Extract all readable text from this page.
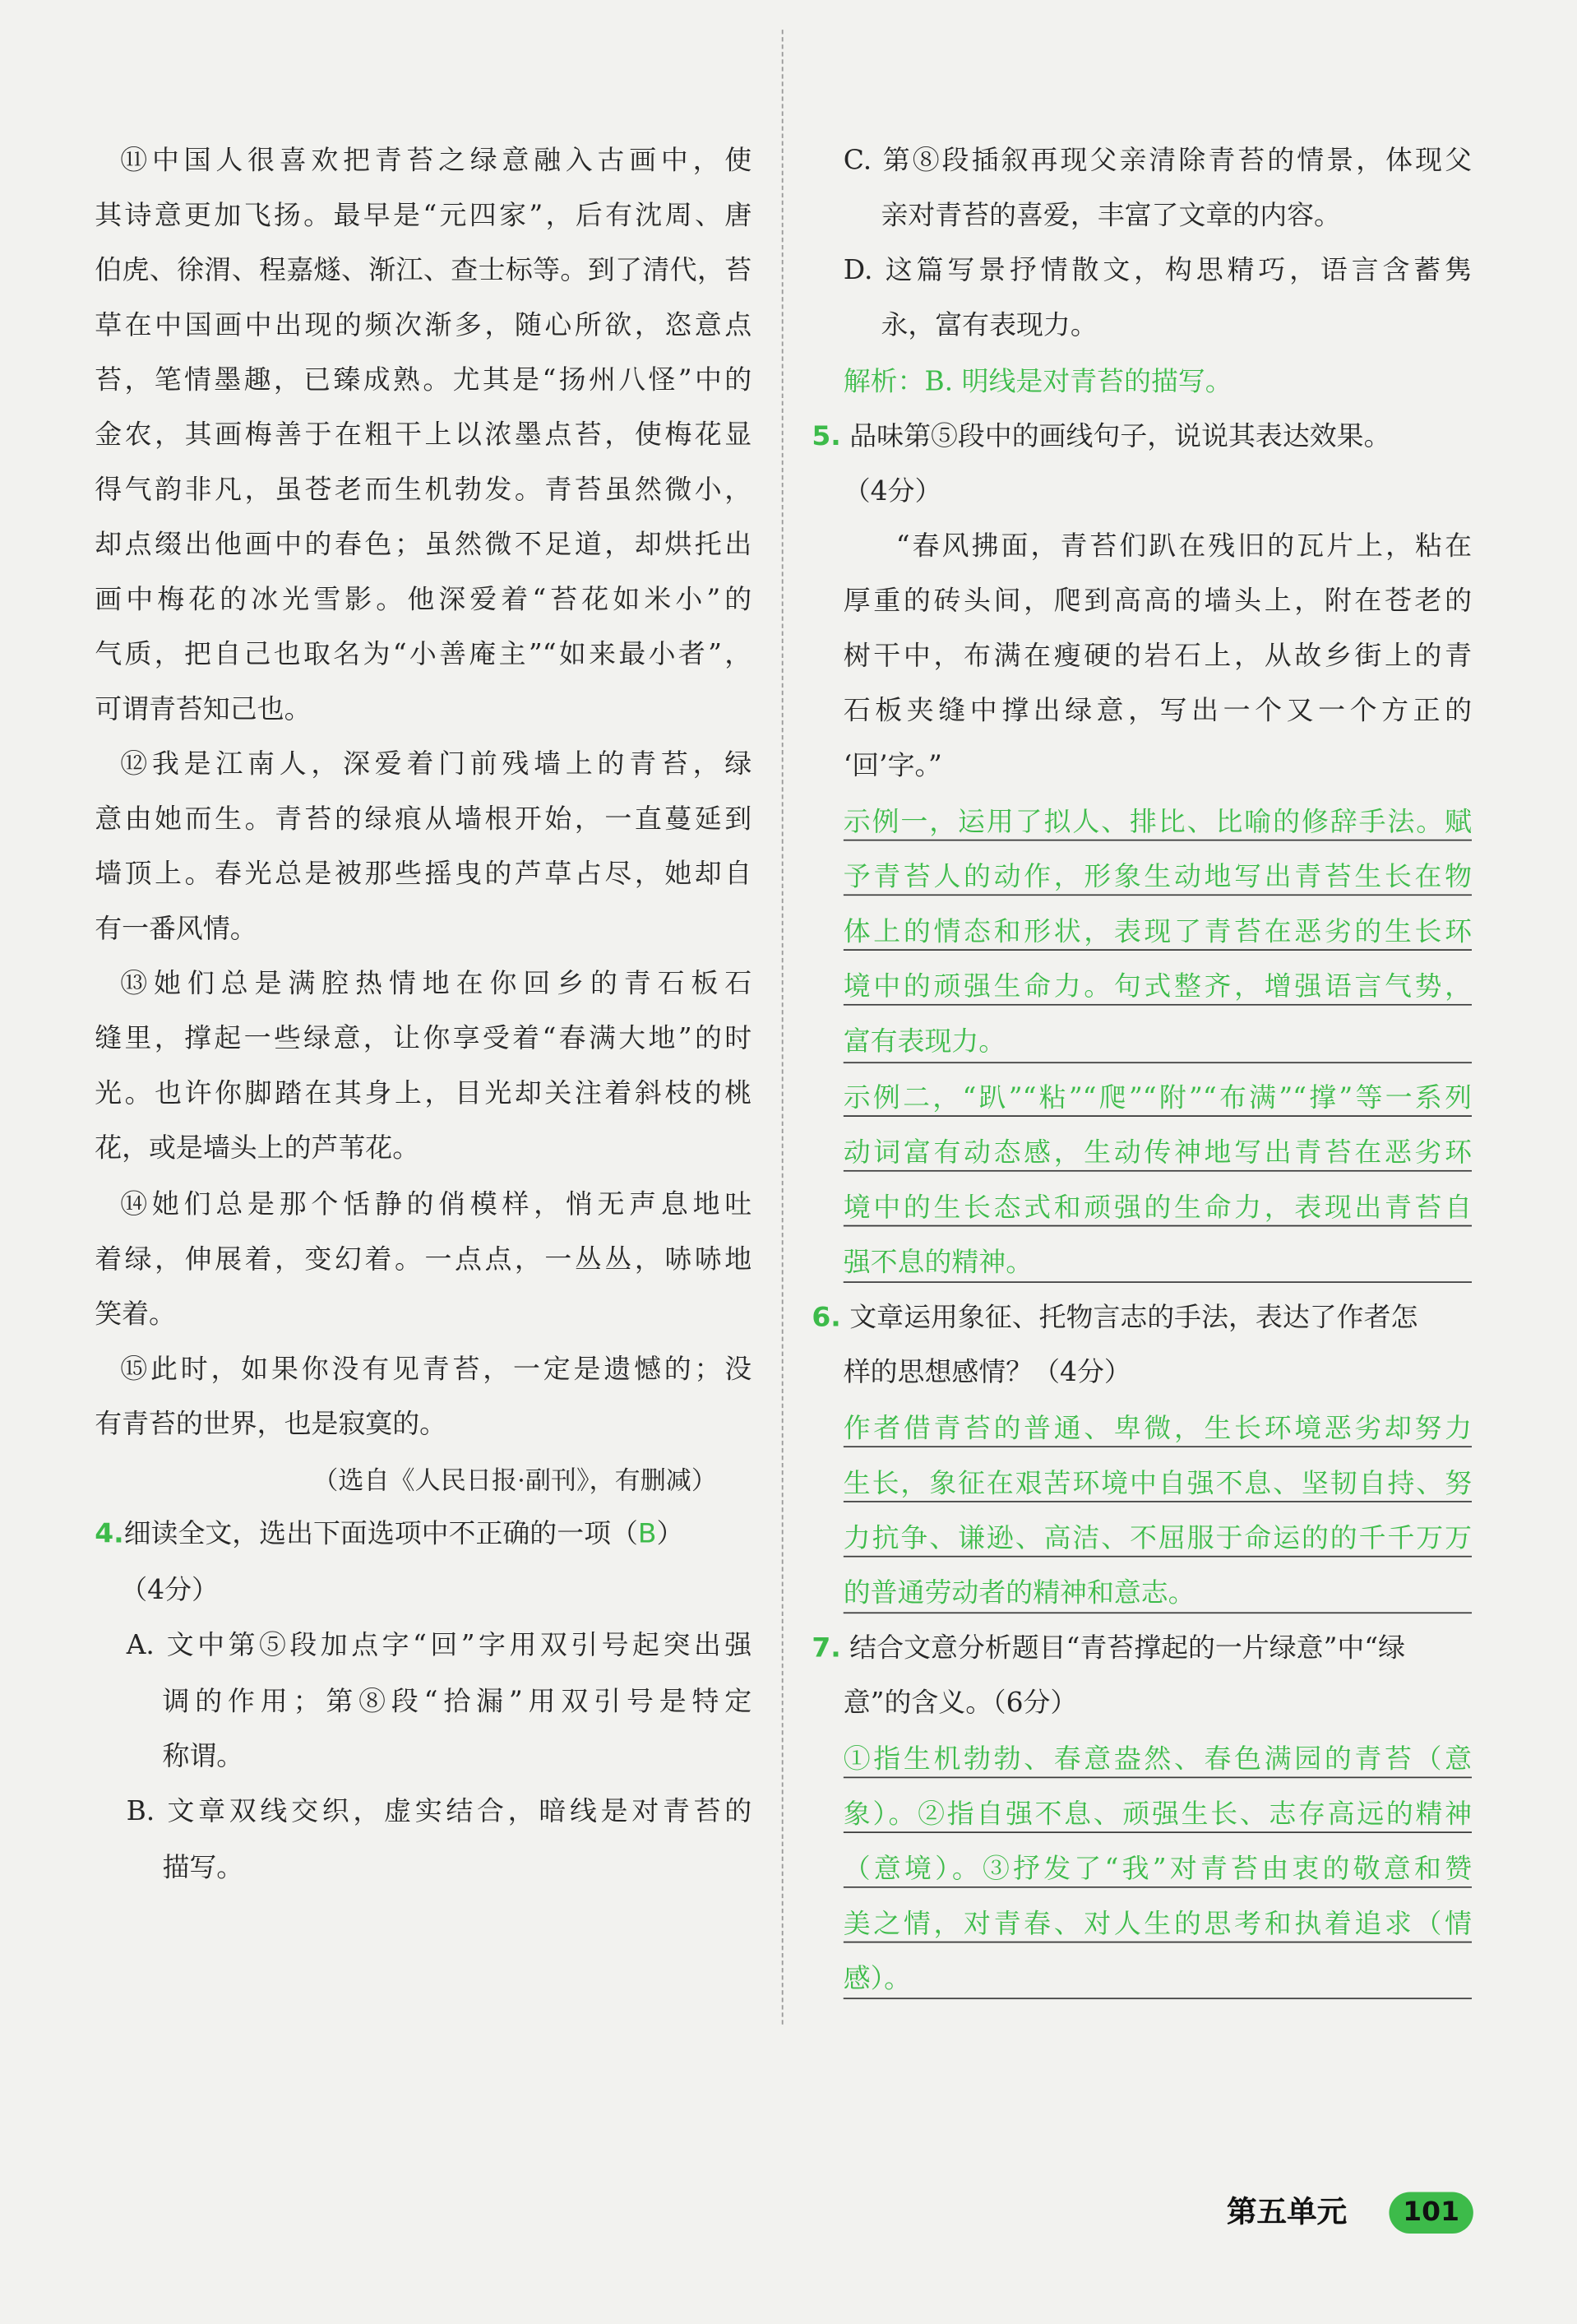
⑪中国人很喜欢把青苔之绿意融入古画中，使
其诗意更加飞扬。最早是“元四家”，后有沈周、唐
伯虎、徐渭、程嘉燧、渐江、查士标等。到了清代，苔
草在中国画中出现的频次渐多，随心所欲，恣意点
苔，笔情墨趣，已臻成熟。尤其是“扬州八怪”中的
金农，其画梅善于在粗干上以浓墨点苔，使梅花显
得气韵非凡，虽苍老而生机勃发。青苔虽然微小，
却点缀出他画中的春色；虽然微不足道，却烘托出
画中梅花的冰光雪影。他深爱着“苔花如米小”的
气质，把自己也取名为“小善庵主”“如来最小者”，
可谓青苔知己也。
⑫我是江南人，深爱着门前残墙上的青苔，绿
意由她而生。青苔的绿痕从墙根开始，一直蔓延到
墙顶上。春光总是被那些摇曳的芦草占尽，她却自
有一番风情。
⑬她们总是满腔热情地在你回乡的青石板石
缝里，撑起一些绿意，让你享受着“春满大地”的时
光。也许你脚踏在其身上，目光却关注着斜枝的桃
花，或是墙头上的芦苇花。
⑭她们总是那个恬静的俏模样，悄无声息地吐
着绿，伸展着，变幻着。一点点，一丛丛，哧哧地
笑着。
⑮此时，如果你没有见青苔，一定是遗憾的；没
有青苔的世界，也是寂寞的。
（选自《人民日报·副刊》，有删减）
4.细读全文，选出下面选项中不正确的一项（B）
（4分）
A. 文中第⑤段加点字“回”字用双引号起突出强
调的作用；第⑧段“拾漏”用双引号是特定
称谓。
B. 文章双线交织，虚实结合，暗线是对青苔的
描写。
C. 第⑧段插叙再现父亲清除青苔的情景，体现父
亲对青苔的喜爱，丰富了文章的内容。
D. 这篇写景抒情散文，构思精巧，语言含蓄隽
永，富有表现力。
解析：B. 明线是对青苔的描写。
5. 品味第⑤段中的画线句子，说说其表达效果。
（4分）
“春风拂面，青苔们趴在残旧的瓦片上，粘在
厚重的砖头间，爬到高高的墙头上，附在苍老的
树干中，布满在瘦硬的岩石上，从故乡街上的青
石板夹缝中撑出绿意，写出一个又一个方正的
‘回’字。”
示例一，运用了拟人、排比、比喻的修辞手法。赋
予青苔人的动作，形象生动地写出青苔生长在物
体上的情态和形状，表现了青苔在恶劣的生长环
境中的顽强生命力。句式整齐，增强语言气势，
富有表现力。
示例二，“趴”“粘”“爬”“附”“布满”“撑”等一系列
动词富有动态感，生动传神地写出青苔在恶劣环
境中的生长态式和顽强的生命力，表现出青苔自
强不息的精神。
6. 文章运用象征、托物言志的手法，表达了作者怎
样的思想感情？（4分）
作者借青苔的普通、卑微，生长环境恶劣却努力
生长，象征在艰苦环境中自强不息、坚韧自持、努
力抗争、谦逊、高洁、不屈服于命运的的千千万万
的普通劳动者的精神和意志。
7. 结合文意分析题目“青苔撑起的一片绿意”中“绿
意”的含义。（6分）
①指生机勃勃、春意盎然、春色满园的青苔（意
象）。②指自强不息、顽强生长、志存高远的精神
（意境）。③抒发了“我”对青苔由衷的敬意和赞
美之情，对青春、对人生的思考和执着追求（情
感）。
第五单元	101
